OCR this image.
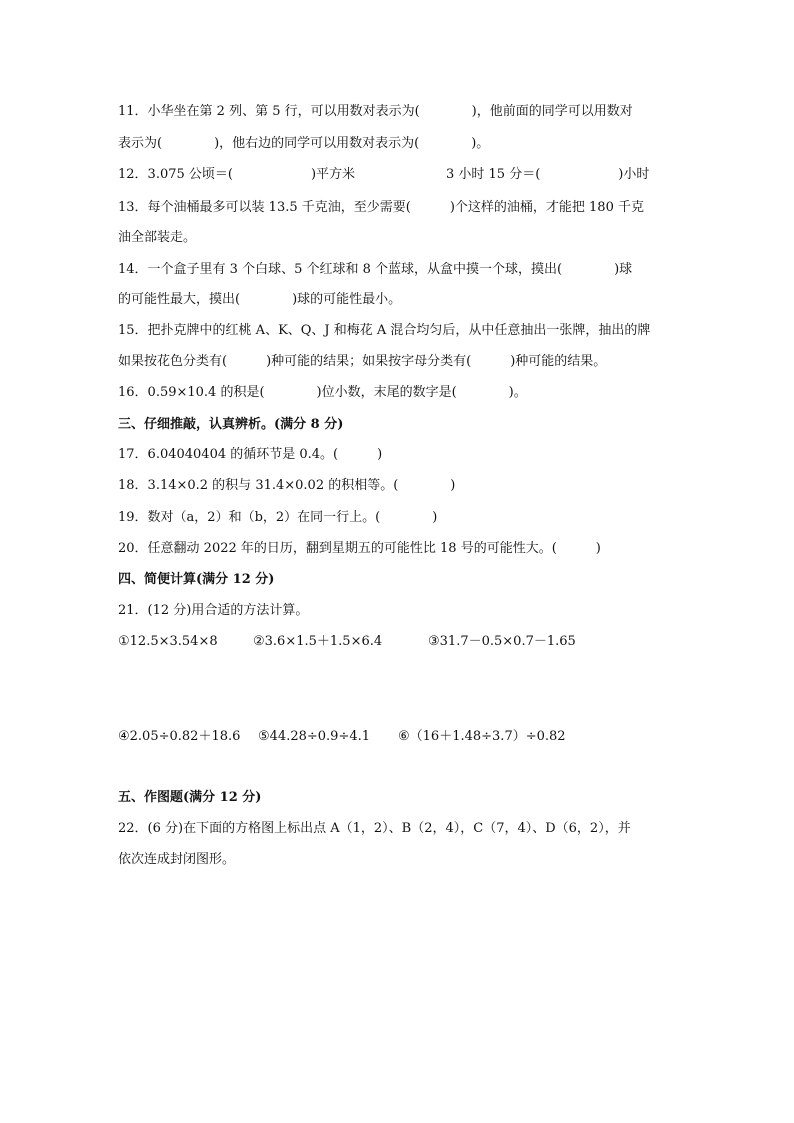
11．小华坐在第 2 列、第 5 行，可以用数对表示为(　　　　)，他前面的同学可以用数对
表示为(　　　　)，他右边的同学可以用数对表示为(　　　　)。
12．3.075 公顷＝(　　　　　　)平方米	3 小时 15 分＝(　　　　　　)小时
13．每个油桶最多可以装 13.5 千克油，至少需要(　　　)个这样的油桶，才能把 180 千克
油全部装走。
14．一个盒子里有 3 个白球、5 个红球和 8 个蓝球，从盒中摸一个球，摸出(　　　　)球
的可能性最大，摸出(　　　　)球的可能性最小。
15．把扑克牌中的红桃 A、K、Q、J 和梅花 A 混合均匀后，从中任意抽出一张牌，抽出的牌
如果按花色分类有(　　　)种可能的结果；如果按字母分类有(　　　)种可能的结果。
16．0.59×10.4 的积是(　　　　)位小数，末尾的数字是(　　　　)。
三、仔细推敲，认真辨析。(满分 8 分)
17．6.04040404 的循环节是 0.4。(　　　)
18．3.14×0.2 的积与 31.4×0.02 的积相等。(　　　　)
19．数对（a，2）和（b，2）在同一行上。(　　　　)
20．任意翻动 2022 年的日历，翻到星期五的可能性比 18 号的可能性大。(　　　)
四、简便计算(满分 12 分)
21．(12 分)用合适的方法计算。
①12.5×3.54×8	②3.6×1.5＋1.5×6.4	③31.7－0.5×0.7－1.65
④2.05÷0.82＋18.6 ⑤44.28÷0.9÷4.1 ⑥（16＋1.48÷3.7）÷0.82
五、作图题(满分 12 分)
22．(6 分)在下面的方格图上标出点 A（1，2）、B（2，4），C（7，4）、D（6，2），并
依次连成封闭图形。
